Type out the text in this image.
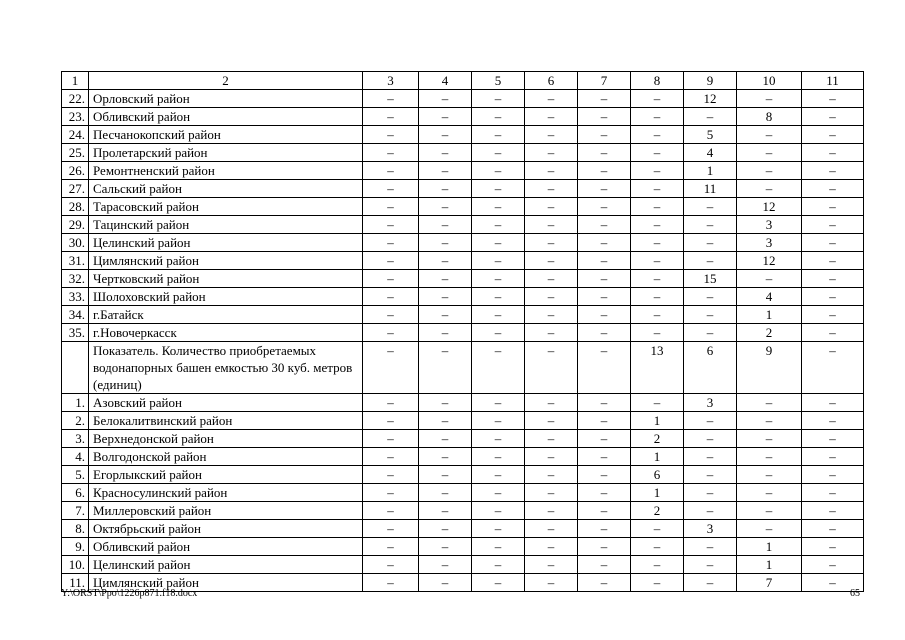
1	2	3	4	5	6	7	8	9	10	11
22.	Орловский район	–	–	–	–	–	–	12	–	–
23.	Обливский район	–	–	–	–	–	–	–	8	–
24.	Песчанокопский район	–	–	–	–	–	–	5	–	–
25.	Пролетарский район	–	–	–	–	–	–	4	–	–
26.	Ремонтненский район	–	–	–	–	–	–	1	–	–
27.	Сальский район	–	–	–	–	–	–	11	–	–
28.	Тарасовский район	–	–	–	–	–	–	–	12	–
29.	Тацинский район	–	–	–	–	–	–	–	3	–
30.	Целинский район	–	–	–	–	–	–	–	3	–
31.	Цимлянский район	–	–	–	–	–	–	–	12	–
32.	Чертковский район	–	–	–	–	–	–	15	–	–
33.	Шолоховский район	–	–	–	–	–	–	–	4	–
34.	г.Батайск	–	–	–	–	–	–	–	1	–
35.	г.Новочеркасск	–	–	–	–	–	–	–	2	–
	Показатель. Количество приобретаемых водонапорных башен емкостью 30 куб. метров (единиц)	–	–	–	–	–	13	6	9	–
1.	Азовский район	–	–	–	–	–	–	3	–	–
2.	Белокалитвинский район	–	–	–	–	–	1	–	–	–
3.	Верхнедонской район	–	–	–	–	–	2	–	–	–
4.	Волгодонской район	–	–	–	–	–	1	–	–	–
5.	Егорлыкский район	–	–	–	–	–	6	–	–	–
6.	Красносулинский район	–	–	–	–	–	1	–	–	–
7.	Миллеровский район	–	–	–	–	–	2	–	–	–
8.	Октябрьский район	–	–	–	–	–	–	3	–	–
9.	Обливский район	–	–	–	–	–	–	–	1	–
10.	Целинский район	–	–	–	–	–	–	–	1	–
11.	Цимлянский район	–	–	–	–	–	–	–	7	–
Y:\ORST\Ppo\1226p871.f18.docx	65
